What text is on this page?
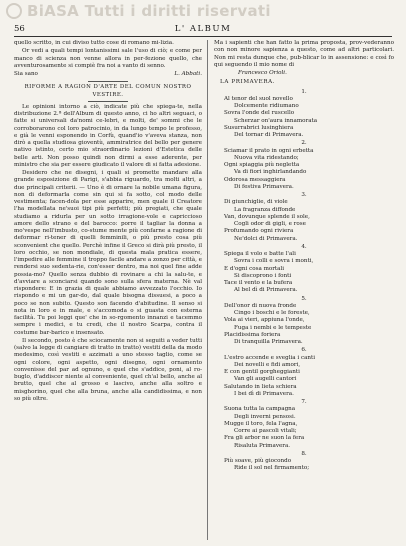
BiASA Tutti i diritti riservati
56	L' ALBUM

quello scritto, in cui diviso tutto cose di romano mi-lizia.

Or vedi a quali tempi lontanissimi sale l'uso di ciò; e come per manco di scienza non venne allora in per-fezione quello, che avventurosamente si compiè fra noi a vanto di senno.

Sia sano	L. Abbati.
RIFORME A RAGION D'ARTE DEL COMUN NOSTRO VESTIRE.

Le opinioni intorno a ciò, indicate più che spiega-te, nella distribuzione 2.ª dell'Album di questo anno, ci ho altri seguaci, o fatte si universali da'nomi ce-lebri, e molti, de' sommi che le corroborarono col loro patrocinio, in da lungo tempo le professo, e già le venni esponendo in Corfù, quand'io v'aveva stanza, non dirò a quella studiosa gioventù, ammiratrice del bello per genere nativo istinto, certo mio straordinario lezioni d'Estetica delle belle arti. Non posso quindi non dirmi a esse aderente, per ministro che sia per essere giudicato il valore di si fatta adesione.

Desidero che ne disegni, i quali si promette mandare alla grande esposizione di Parigi, s'abbia riguardo, tra molti altri, a due principali criterii. — Uno è di ornare la nobile umana figura, non di deformarla come sin qui si fa sotto, col modo delle vestimenta; facen-dola per esse apparire, men quale il Creatore l'ha modellata ne'suoi tipi più perfetti; più pregiati, che quale studiamo a ridurla per un sotto irragione-vole e capriccioso amore dello strano e del barocco: porre il tagliar la donna a mo'vespe nell'imbusto, co-stume mente più confarne a ragione di deformar ri-tener di quelli femminili, o più presto cosa più sconvenient che quello. Perchè infine il Greco si dirà più presto, il loro occhio, se non mondiale, di questa mala pratica essere, l'impedire alle femmine il troppo facile andare a zonzo per città, e rendersi suo sedenta-rie, con'esser dentro, ma noi quel fine adde possia-mo? Quello senza dubbio di rovinare a chi la salu-te, e d'avviare a sconciarsi quando sono sulla sfera materna. Nè val rispondere: E in grazia di quale abbiamo avvezzato l'occhio. Io rispondo e mi un gar-do, dal quale bisogna dissuesi, a poco a poco se non subito. Questo son facendo d'abitudine. Il senso si nota in loro e in male, e s'accomoda o si guasta con esterna facilità. Tu poi leggi que' che in so-rgomento innanzi e tacemmo sempre i medici, e tu credi, che il nostro Scarpa, contra il costume bar-barico e insensato.

Il secondo, posto è che sciocamente non si seguiti a veder tutti (salvo la legge di cangiare di tratto in tratto) vestiti della da modo medesimo, così vestiti e azzimati a uno stesso taglio, come se ogni colore, ogni aspetto, ogni disegno, ogni ornamento convenisse del par ad ognuno, e quel che s'addice, poni, al ro-buglo, d'addiscer niente al conveniente, quel ch'al bello, anche al brutto, quel che al grosso e lascivo, anche alla soltro e misghorino, quel che alla bruna, anche alla candidissima, e non so più oltre.

Ma i sapienti che han fatto la prima proposta, prov-vederanno con non minore sapienza a questo, come ad altri particolari. Non mi resta dunque che, pub-blicar lo in assensione: e così fo qui seguendo il mio nome di

Francesco Orioli.
LA PRIMAVERA.
1.
Al tenor del suol novello
Dolcemente ridiumano
Sovra l'onde del ruscello
Scherzar on'aura innamorata
Susurrabrici lusinghiera
Del tornar di Primavera.
2.
Sciamar il prato in ogni erbetta
Nuova vita ridestando;
Ogni spiaggia più negletta
Va di fiori inghirlandando
Odorosa messaggiera
Di festiva Primavera.
3.
Di giunchiglie, di viole
La fragranza diffonde
Van, dovunque splende il sole,
Cogli odor di gigli, e rose
Profumando ogni riviera
Ne'dolci di Primavera.
4.
Spiega il volo e batte l'ali
Sovra i colli e sovra i monti,
E d'ogni cosa mortali
Si discoprono i fonti
Tace il vento e la bufera
Al bel dì di Primavera.
5.
Dell'onor di nuova fronde
Cingo i boschi e le foreste,
Vola ai vieri, appiuna l'onde,
Fuga i nembi e le tempeste
Placidissima foriera
Di tranquilla Primavera.
6.
L'estro accende e sveglia i canti
Dei novelli e fidi amori,
E con gentil gorgheggianti
Van gli augelli cantori
Salutando in lieta schiera
I bei dì di Primavera.
7.
Suona tutta la campagna
Degli inverni pensosi.
Mugge il toro, fela l'agna,
Corre ai pascoli vitali;
Fra gli arbor ne suon la fera
Risaluta Primavera.
8.
Più soave, più giocondo
Ride il sol nel firmamento;
